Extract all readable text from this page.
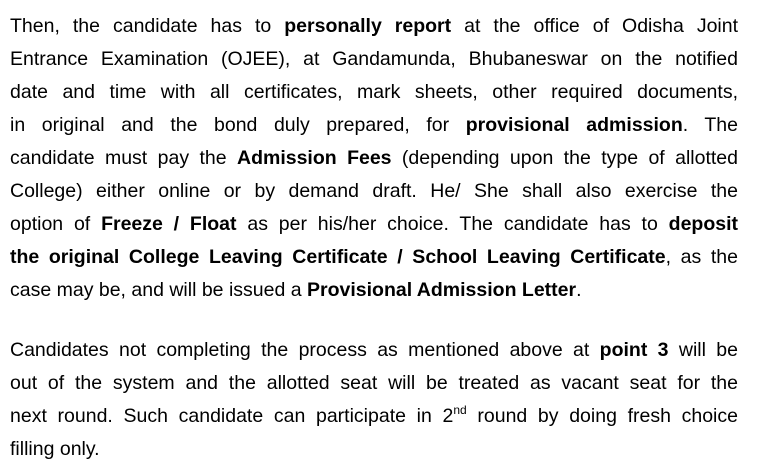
Then, the candidate has to personally report at the office of Odisha Joint
Entrance Examination (OJEE), at Gandamunda, Bhubaneswar on the notified
date and time with all certificates, mark sheets, other required documents,
in original and the bond duly prepared, for provisional admission. The
candidate must pay the Admission Fees (depending upon the type of allotted
College) either online or by demand draft. He/ She shall also exercise the
option of Freeze / Float as per his/her choice. The candidate has to deposit
the original College Leaving Certificate / School Leaving Certificate, as the
case may be, and will be issued a Provisional Admission Letter.
Candidates not completing the process as mentioned above at point 3 will be
out of the system and the allotted seat will be treated as vacant seat for the
next round. Such candidate can participate in 2nd round by doing fresh choice
filling only.
